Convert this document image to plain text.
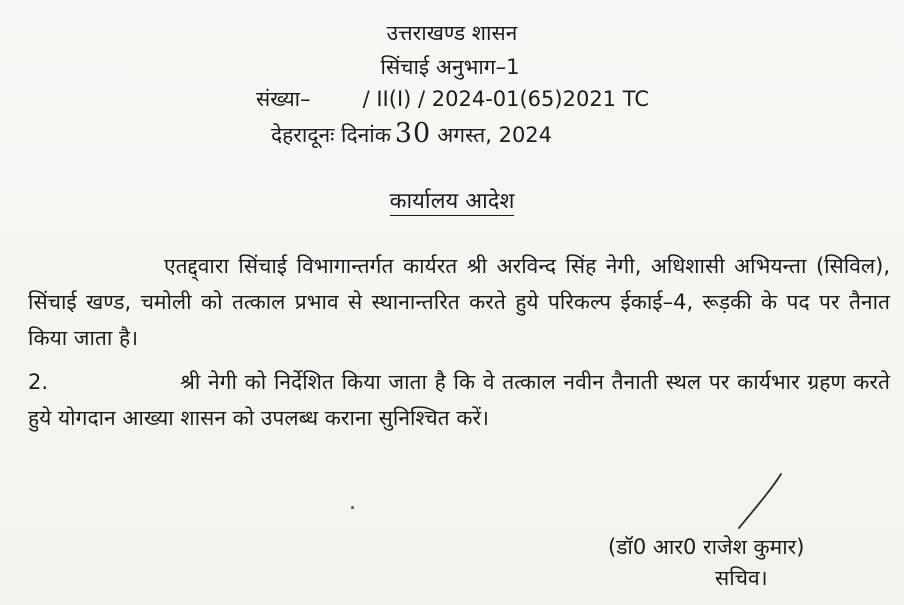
उत्तराखण्ड शासन
सिंचाई अनुभाग–1
संख्या– / II(I) / 2024-01(65)2021 TC
देहरादूनः दिनांक 30 अगस्त, 2024
कार्यालय आदेश
एतद्द्वारा सिंचाई विभागान्तर्गत कार्यरत श्री अरविन्द सिंह नेगी, अधिशासी अभियन्ता (सिविल), सिंचाई खण्ड, चमोली को तत्काल प्रभाव से स्थानान्तरित करते हुये परिकल्प ईकाई–4, रूड़की के पद पर तैनात किया जाता है।
2.	श्री नेगी को निर्देशित किया जाता है कि वे तत्काल नवीन तैनाती स्थल पर कार्यभार ग्रहण करते हुये योगदान आख्या शासन को उपलब्ध कराना सुनिश्चित करें।
(डॉ0 आर0 राजेश कुमार)
सचिव।
